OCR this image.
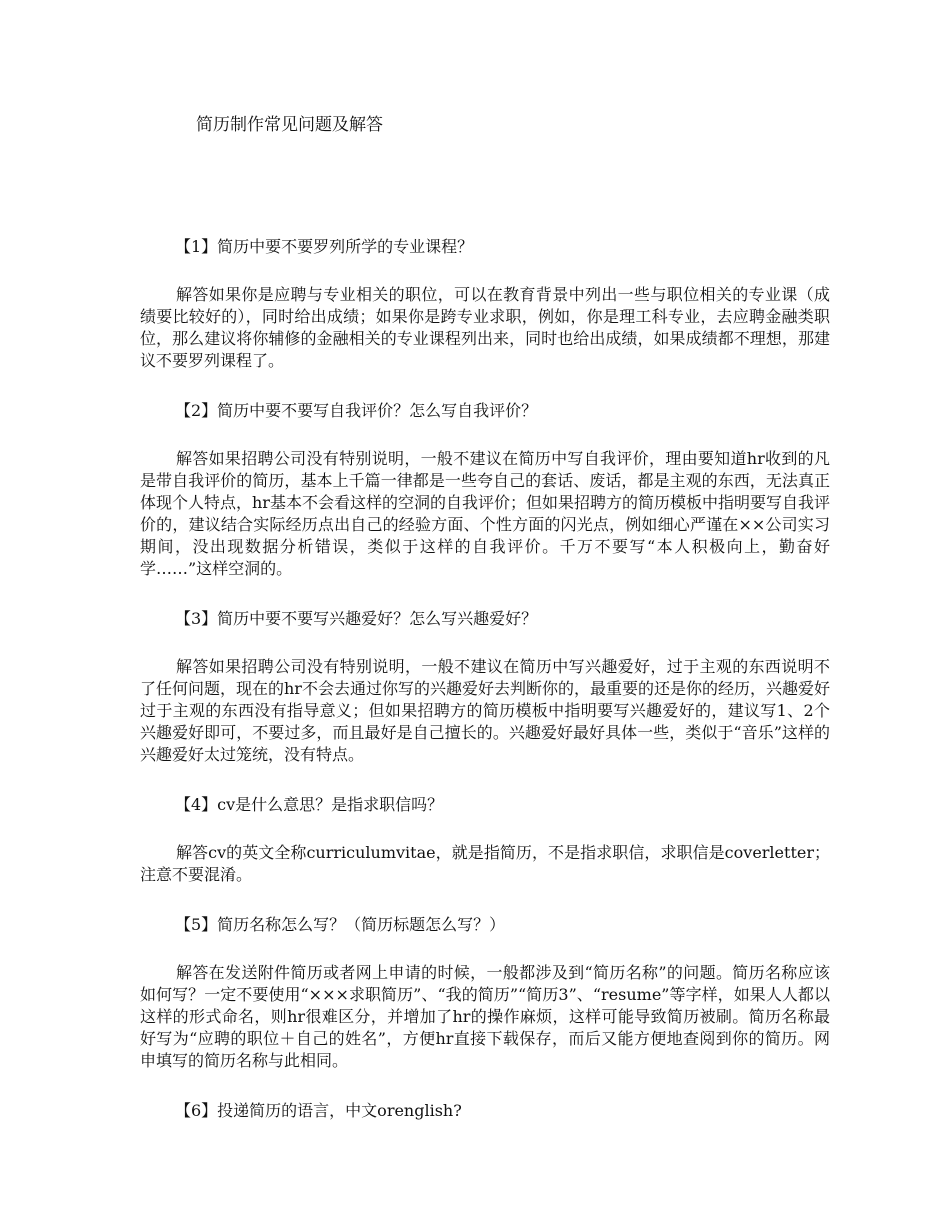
简历制作常见问题及解答

【1】简历中要不要罗列所学的专业课程？

解答如果你是应聘与专业相关的职位，可以在教育背景中列出一些与职位相关的专业课（成绩要比较好的），同时给出成绩；如果你是跨专业求职，例如，你是理工科专业，去应聘金融类职位，那么建议将你辅修的金融相关的专业课程列出来，同时也给出成绩，如果成绩都不理想，那建议不要罗列课程了。

【2】简历中要不要写自我评价？怎么写自我评价？

解答如果招聘公司没有特别说明，一般不建议在简历中写自我评价，理由要知道hr收到的凡是带自我评价的简历，基本上千篇一律都是一些夸自己的套话、废话，都是主观的东西，无法真正体现个人特点，hr基本不会看这样的空洞的自我评价；但如果招聘方的简历模板中指明要写自我评价的，建议结合实际经历点出自己的经验方面、个性方面的闪光点，例如细心严谨在××公司实习期间，没出现数据分析错误，类似于这样的自我评价。千万不要写“本人积极向上，勤奋好学……”这样空洞的。

【3】简历中要不要写兴趣爱好？怎么写兴趣爱好？

解答如果招聘公司没有特别说明，一般不建议在简历中写兴趣爱好，过于主观的东西说明不了任何问题，现在的hr不会去通过你写的兴趣爱好去判断你的，最重要的还是你的经历，兴趣爱好过于主观的东西没有指导意义；但如果招聘方的简历模板中指明要写兴趣爱好的，建议写1、2个兴趣爱好即可，不要过多，而且最好是自己擅长的。兴趣爱好最好具体一些，类似于“音乐”这样的兴趣爱好太过笼统，没有特点。

【4】cv是什么意思？是指求职信吗？

解答cv的英文全称curriculumvitae，就是指简历，不是指求职信，求职信是coverletter；注意不要混淆。

【5】简历名称怎么写？（简历标题怎么写？）

解答在发送附件简历或者网上申请的时候，一般都涉及到“简历名称”的问题。简历名称应该如何写？一定不要使用“×××求职简历”、“我的简历”“简历3”、“resume”等字样，如果人人都以这样的形式命名，则hr很难区分，并增加了hr的操作麻烦，这样可能导致简历被刷。简历名称最好写为“应聘的职位＋自己的姓名”，方便hr直接下载保存，而后又能方便地查阅到你的简历。网申填写的简历名称与此相同。

【6】投递简历的语言，中文orenglish?
